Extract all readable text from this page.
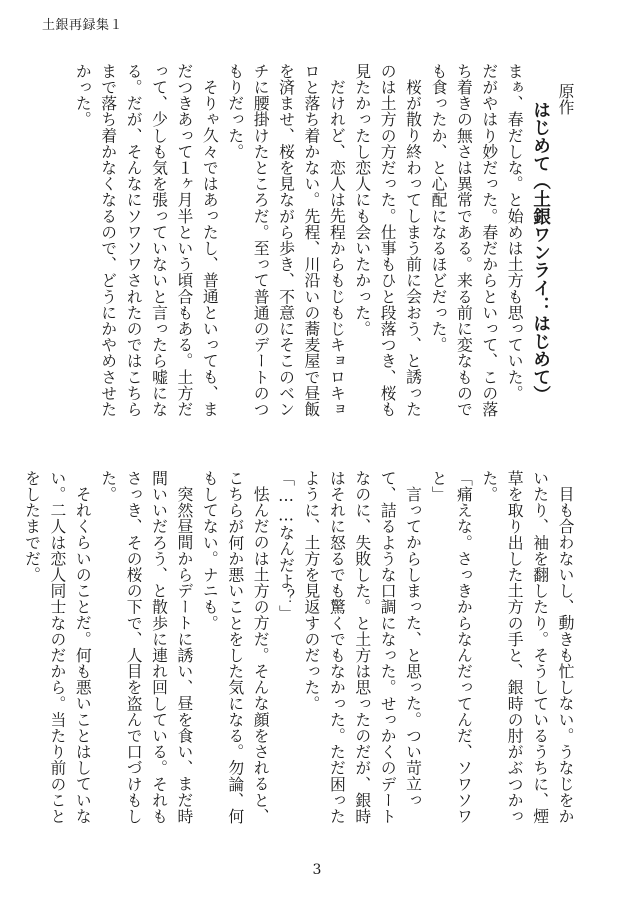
土銀再録集１

原作

はじめて（土銀ワンライ：はじめて）

まぁ、春だしな。と始めは土方も思っていた。

だがやはり妙だった。春だからといって、この落ち着きの無さは異常である。来る前に変なものでも食ったか、と心配になるほどだった。

桜が散り終わってしまう前に会おう、と誘ったのは土方の方だった。仕事もひと段落つき、桜も見たかったし恋人にも会いたかった。

だけれど、恋人は先程からもじもじキョロキョロと落ち着かない。先程、川沿いの蕎麦屋で昼飯を済ませ、桜を見ながら歩き、不意にそこのベンチに腰掛けたところだ。至って普通のデートのつもりだった。

そりゃ久々ではあったし、普通といっても、まだつきあって１ヶ月半という頃合もある。土方だって、少しも気を張っていないと言ったら嘘になる。だが、そんなにソワソワされたのではこちらまで落ち着かなくなるので、どうにかやめさせたかった。

目も合わないし、動きも忙しない。うなじをかいたり、袖を翻したり。そうしているうちに、煙草を取り出した土方の手と、銀時の肘がぶつかった。

「痛えな。さっきからなんだってんだ、ソワソワと」

言ってからしまった、と思った。つい苛立って、詰るような口調になった。せっかくのデートなのに、失敗した。と土方は思ったのだが、銀時はそれに怒るでも驚くでもなかった。ただ困ったように、土方を見返すのだった。

「……なんだよ？」

怯んだのは土方の方だ。そんな顔をされると、こちらが何か悪いことをした気になる。勿論、何もしてない。ナニも。

突然昼間からデートに誘い、昼を食い、まだ時間いいだろう、と散歩に連れ回している。それもさっき、その桜の下で、人目を盗んで口づけもした。

それくらいのことだ。何も悪いことはしていない。二人は恋人同士なのだから。当たり前のことをしたまでだ。

3
